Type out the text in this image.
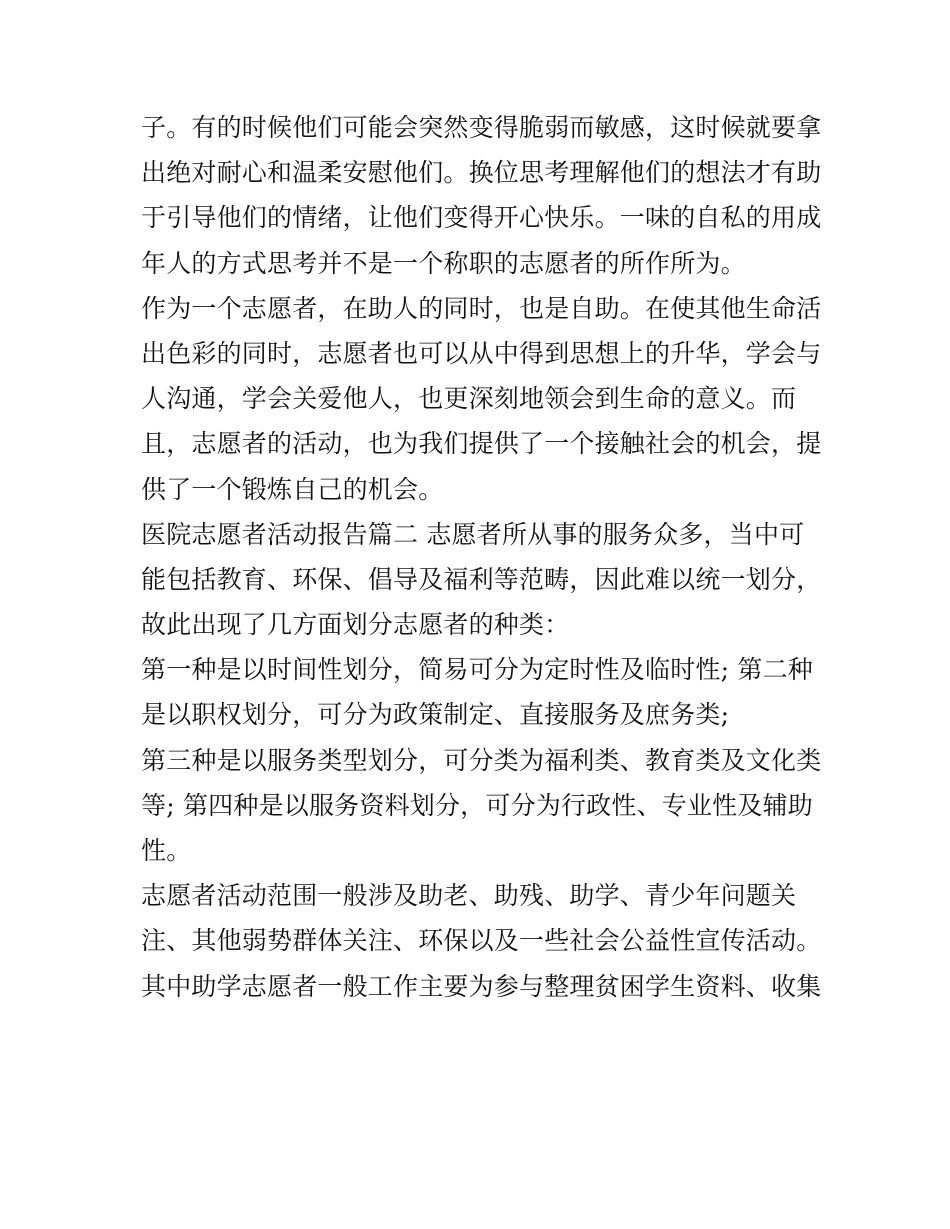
子。有的时候他们可能会突然变得脆弱而敏感，这时候就要拿
出绝对耐心和温柔安慰他们。换位思考理解他们的想法才有助
于引导他们的情绪，让他们变得开心快乐。一味的自私的用成
年人的方式思考并不是一个称职的志愿者的所作所为。
作为一个志愿者，在助人的同时，也是自助。在使其他生命活
出色彩的同时，志愿者也可以从中得到思想上的升华，学会与
人沟通，学会关爱他人，也更深刻地领会到生命的意义。而
且，志愿者的活动，也为我们提供了一个接触社会的机会，提
供了一个锻炼自己的机会。
医院志愿者活动报告篇二 志愿者所从事的服务众多，当中可
能包括教育、环保、倡导及福利等范畴，因此难以统一划分，
故此出现了几方面划分志愿者的种类：
第一种是以时间性划分，简易可分为定时性及临时性; 第二种
是以职权划分，可分为政策制定、直接服务及庶务类;
第三种是以服务类型划分，可分类为福利类、教育类及文化类
等; 第四种是以服务资料划分，可分为行政性、专业性及辅助
性。
志愿者活动范围一般涉及助老、助残、助学、青少年问题关
注、其他弱势群体关注、环保以及一些社会公益性宣传活动。
其中助学志愿者一般工作主要为参与整理贫困学生资料、收集
